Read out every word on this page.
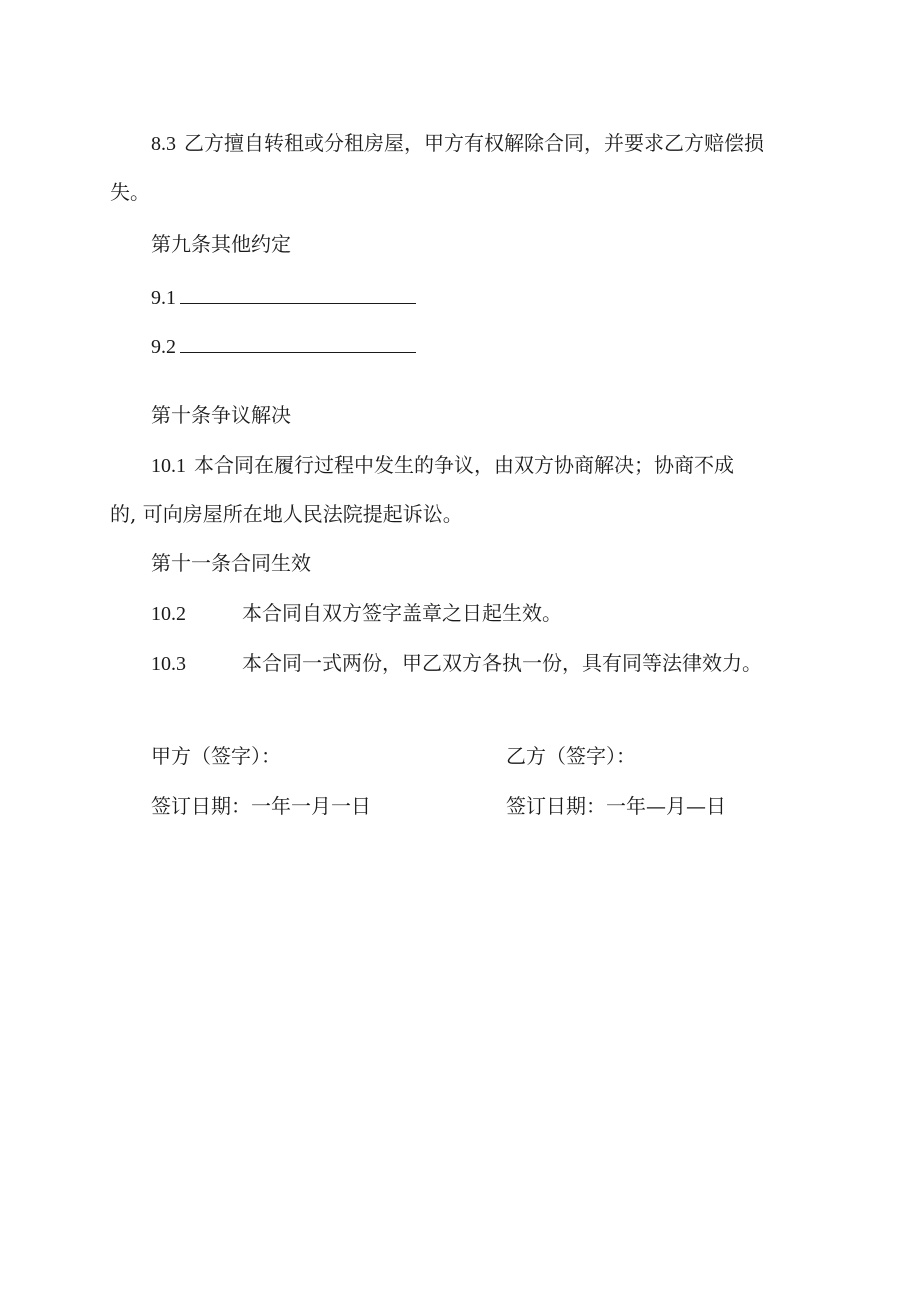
8.3 乙方擅自转租或分租房屋，甲方有权解除合同，并要求乙方赔偿损
失。
第九条其他约定
9.1
9.2
第十条争议解决
10.1 本合同在履行过程中发生的争议，由双方协商解决；协商不成
的, 可向房屋所在地人民法院提起诉讼。
第十一条合同生效
10.2	本合同自双方签字盖章之日起生效。
10.3	本合同一式两份，甲乙双方各执一份，具有同等法律效力。
甲方（签字）：	乙方（签字）：
签订日期：一年一月一日	签订日期：一年—月—日
